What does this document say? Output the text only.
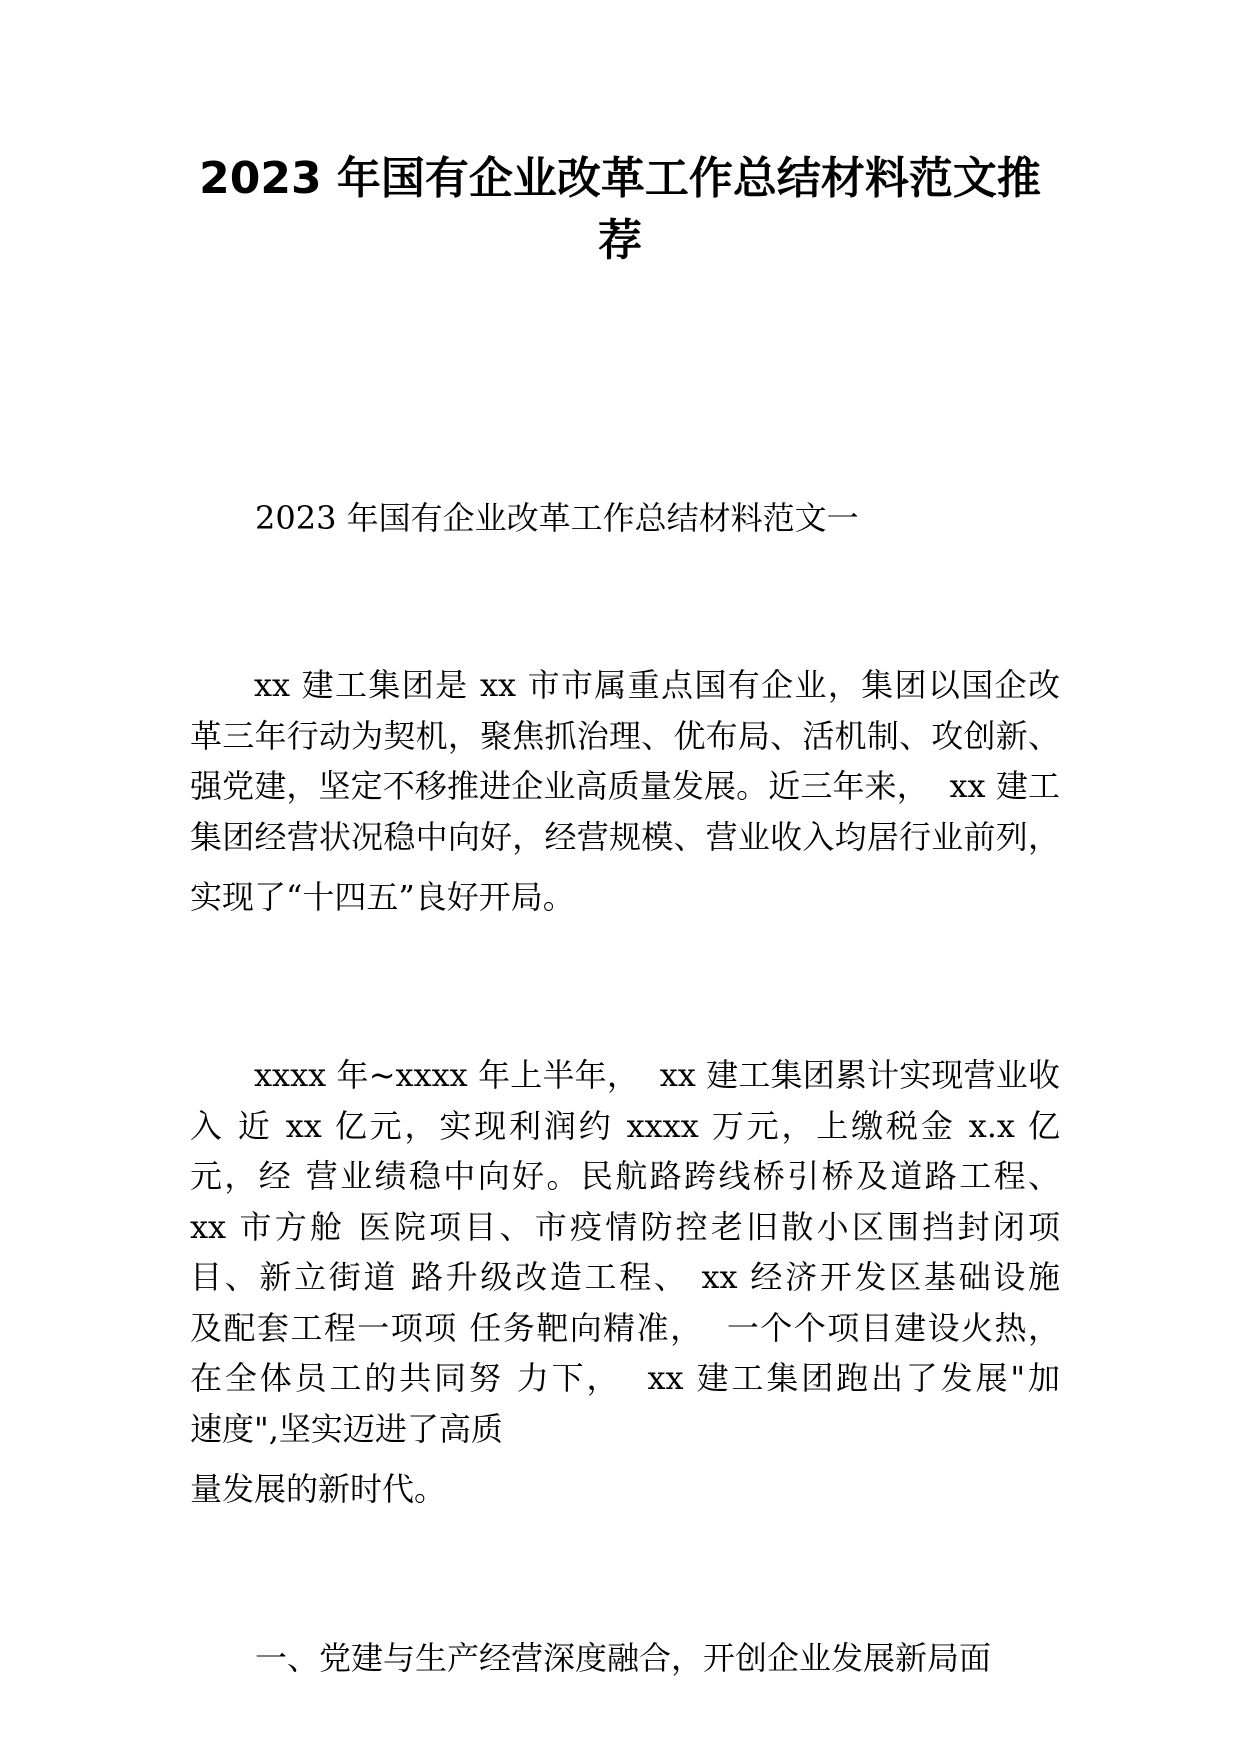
2023 年国有企业改革工作总结材料范文推
荐

2023 年国有企业改革工作总结材料范文一

xx 建工集团是 xx 市市属重点国有企业，集团以国企改
革三年行动为契机，聚焦抓治理、优布局、活机制、攻创新、
强党建，坚定不移推进企业高质量发展。近三年来，  xx 建工
集团经营状况稳中向好，经营规模、营业收入均居行业前列，
实现了“十四五”良好开局。
xxxx 年~xxxx 年上半年，  xx 建工集团累计实现营业收
入 近 xx 亿元，实现利润约 xxxx 万元，上缴税金 x.x 亿
元，经 营业绩稳中向好。民航路跨线桥引桥及道路工程、
xx 市方舱 医院项目、市疫情防控老旧散小区围挡封闭项
目、新立街道 路升级改造工程、 xx 经济开发区基础设施
及配套工程一项项 任务靶向精准，  一个个项目建设火热，
在全体员工的共同努 力下，  xx 建工集团跑出了发展"加
速度",坚实迈进了高质
量发展的新时代。

一、党建与生产经营深度融合，开创企业发展新局面
